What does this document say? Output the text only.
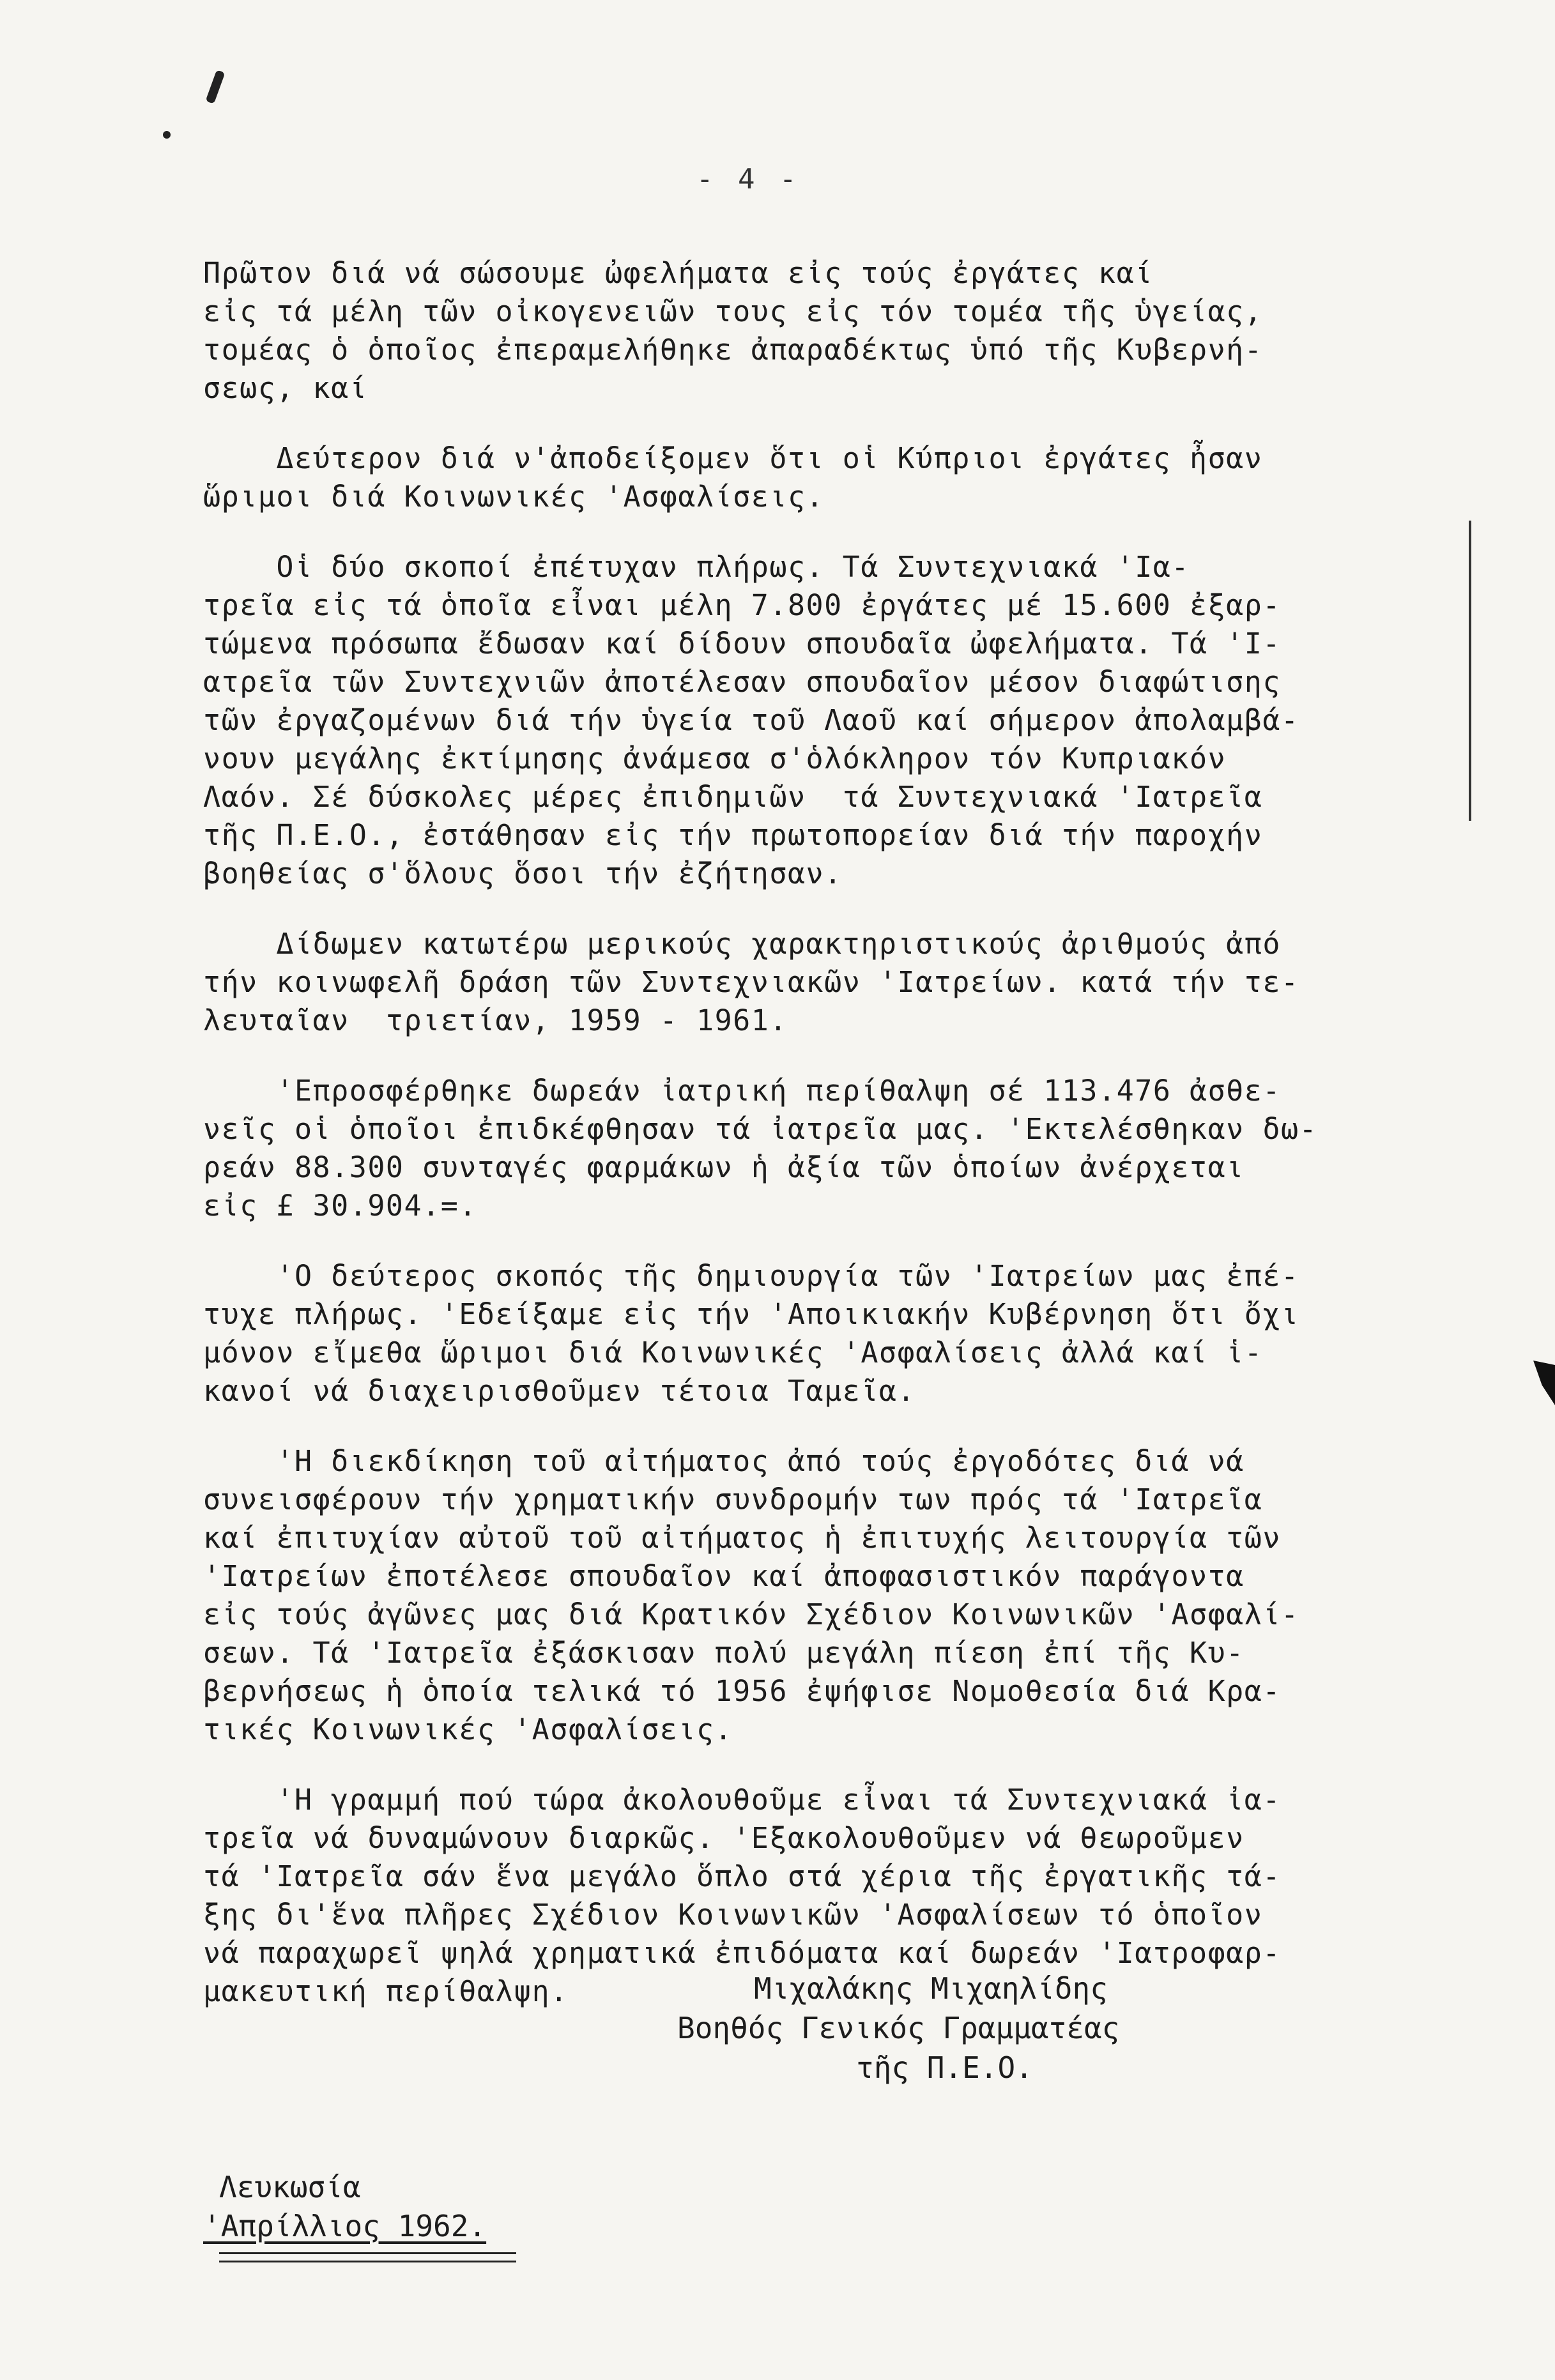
- 4 -
Πρῶτον διά νά σώσουμε ὠφελήματα εἰς τούς ἐργάτες καί
εἰς τά μέλη τῶν οἰκογενειῶν τους εἰς τόν τομέα τῆς ὑγείας,
τομέας ὁ ὁποῖος ἐπεραμελήθηκε ἀπαραδέκτως ὑπό τῆς Κυβερνή-
σεως, καί
Δεύτερον διά ν'ἀποδείξομεν ὅτι οἱ Κύπριοι ἐργάτες ἦσαν
ὥριμοι διά Κοινωνικές 'Ασφαλίσεις.
Οἱ δύο σκοποί ἐπέτυχαν πλήρως. Τά Συντεχνιακά 'Ια-
τρεῖα εἰς τά ὁποῖα εἶναι μέλη 7.800 ἐργάτες μέ 15.600 ἐξαρ-
τώμενα πρόσωπα ἔδωσαν καί δίδουν σπουδαῖα ὠφελήματα. Τά 'Ι-
ατρεῖα τῶν Συντεχνιῶν ἀποτέλεσαν σπουδαῖον μέσον διαφώτισης
τῶν ἐργαζομένων διά τήν ὑγεία τοῦ Λαοῦ καί σήμερον ἀπολαμβά-
νουν μεγάλης ἐκτίμησης ἀνάμεσα σ'ὁλόκληρον τόν Κυπριακόν
Λαόν. Σέ δύσκολες μέρες ἐπιδημιῶν  τά Συντεχνιακά 'Ιατρεῖα
τῆς Π.Ε.Ο., ἐστάθησαν εἰς τήν πρωτοπορείαν διά τήν παροχήν
βοηθείας σ'ὅλους ὅσοι τήν ἐζήτησαν.
Δίδωμεν κατωτέρω μερικούς χαρακτηριστικούς ἀριθμούς ἀπό
τήν κοινωφελῆ δράση τῶν Συντεχνιακῶν 'Ιατρείων. κατά τήν τε-
λευταῖαν  τριετίαν, 1959 - 1961.
'Επροσφέρθηκε δωρεάν ἰατρική περίθαλψη σέ 113.476 ἀσθε-
νεῖς οἱ ὁποῖοι ἐπιδκέφθησαν τά ἰατρεῖα μας. 'Εκτελέσθηκαν δω-
ρεάν 88.300 συνταγές φαρμάκων ἡ ἀξία τῶν ὁποίων ἀνέρχεται
εἰς £ 30.904.=.
'Ο δεύτερος σκοπός τῆς δημιουργία τῶν 'Ιατρείων μας ἐπέ-
τυχε πλήρως. 'Εδείξαμε εἰς τήν 'Αποικιακήν Κυβέρνηση ὅτι ὄχι
μόνον εἴμεθα ὥριμοι διά Κοινωνικές 'Ασφαλίσεις ἀλλά καί ἱ-
κανοί νά διαχειρισθοῦμεν τέτοια Ταμεῖα.
'Η διεκδίκηση τοῦ αἰτήματος ἀπό τούς ἐργοδότες διά νά
συνεισφέρουν τήν χρηματικήν συνδρομήν των πρός τά 'Ιατρεῖα
καί ἐπιτυχίαν αὐτοῦ τοῦ αἰτήματος ἡ ἐπιτυχής λειτουργία τῶν
'Ιατρείων ἐποτέλεσε σπουδαῖον καί ἀποφασιστικόν παράγοντα
εἰς τούς ἀγῶνες μας διά Κρατικόν Σχέδιον Κοινωνικῶν 'Ασφαλί-
σεων. Τά 'Ιατρεῖα ἐξάσκισαν πολύ μεγάλη πίεση ἐπί τῆς Κυ-
βερνήσεως ἡ ὁποία τελικά τό 1956 ἐψήφισε Νομοθεσία διά Κρα-
τικές Κοινωνικές 'Ασφαλίσεις.
'Η γραμμή πού τώρα ἀκολουθοῦμε εἶναι τά Συντεχνιακά ἰα-
τρεῖα νά δυναμώνουν διαρκῶς. 'Εξακολουθοῦμεν νά θεωροῦμεν
τά 'Ιατρεῖα σάν ἕνα μεγάλο ὅπλο στά χέρια τῆς ἐργατικῆς τά-
ξης δι'ἕνα πλῆρες Σχέδιον Κοινωνικῶν 'Ασφαλίσεων τό ὁποῖον
νά παραχωρεῖ ψηλά χρηματικά ἐπιδόματα καί δωρεάν 'Ιατροφαρ-
μακευτική περίθαλψη.	Μιχαλάκης Μιχαηλίδης
Βοηθός Γενικός Γραμματέας
τῆς Π.Ε.Ο.
Λευκωσία
'Απρίλλιος 1962.
